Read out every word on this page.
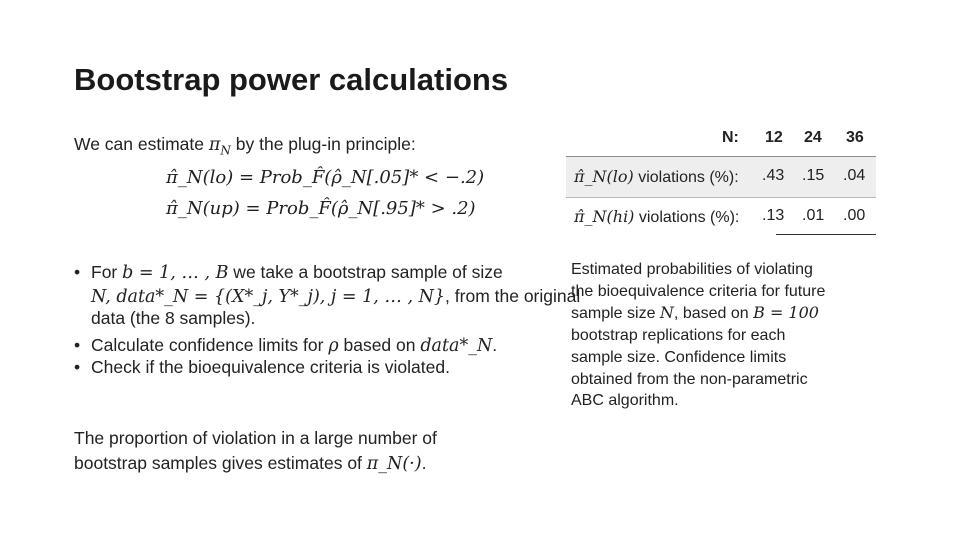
Bootstrap power calculations
We can estimate $\pi_N$ by the plug-in principle:
π̂_N(lo) = Prob_F̂(ρ̂_N[.05]* < −.2)
π̂_N(up) = Prob_F̂(ρ̂_N[.95]* > .2)
• For b = 1, … , B we take a bootstrap sample of size
N, data*_N = {(X*_j, Y*_j), j = 1, … , N}, from the original
data (the 8 samples).
• Calculate confidence limits for ρ based on data*_N.
• Check if the bioequivalence criteria is violated.
The proportion of violation in a large number of
bootstrap samples gives estimates of π_N(·).
N: 12 24 36
π̂_N(lo) violations (%): .43 .15 .04
π̂_N(hi) violations (%): .13 .01 .00
Estimated probabilities of violating
the bioequivalence criteria for future
sample size N, based on B = 100
bootstrap replications for each
sample size. Confidence limits
obtained from the non-parametric
ABC algorithm.
